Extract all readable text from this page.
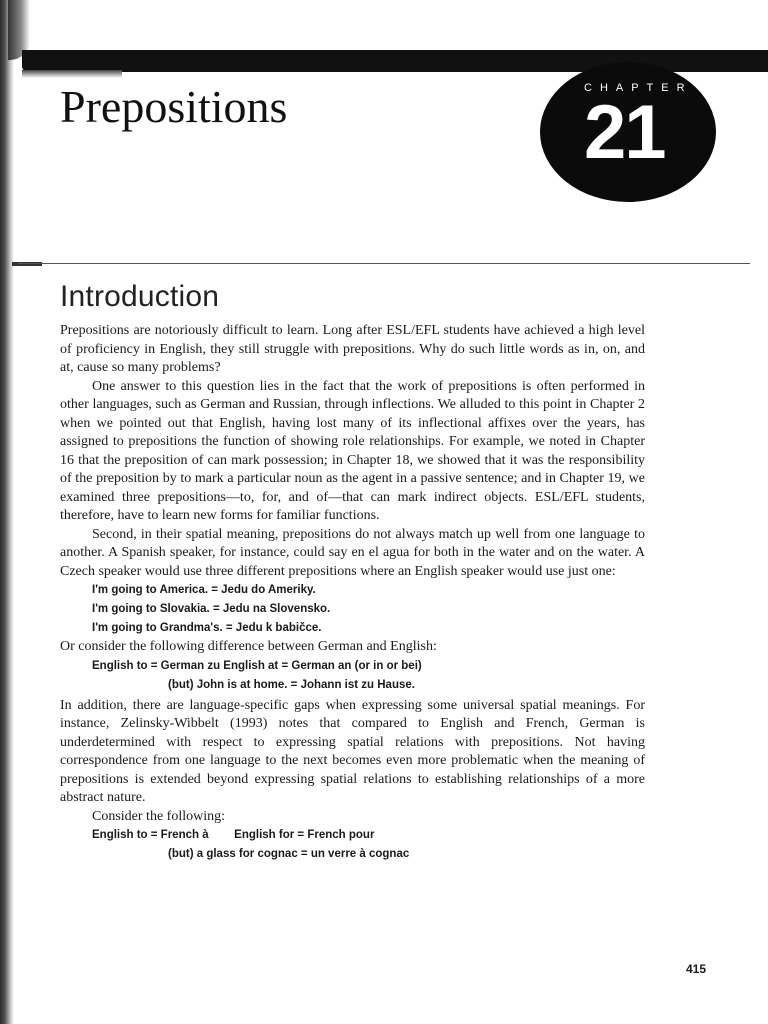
CHAPTER
21
Prepositions
Introduction

Prepositions are notoriously difficult to learn. Long after ESL/EFL students have achieved a high level of proficiency in English, they still struggle with prepositions. Why do such little words as in, on, and at, cause so many problems?

One answer to this question lies in the fact that the work of prepositions is often performed in other languages, such as German and Russian, through inflections. We alluded to this point in Chapter 2 when we pointed out that English, having lost many of its inflectional affixes over the years, has assigned to prepositions the function of showing role relationships. For example, we noted in Chapter 16 that the preposition of can mark possession; in Chapter 18, we showed that it was the responsibility of the preposition by to mark a particular noun as the agent in a passive sentence; and in Chapter 19, we examined three prepositions—to, for, and of—that can mark indirect objects. ESL/EFL students, therefore, have to learn new forms for familiar functions.

Second, in their spatial meaning, prepositions do not always match up well from one language to another. A Spanish speaker, for instance, could say en el agua for both in the water and on the water. A Czech speaker would use three different prepositions where an English speaker would use just one:

I'm going to America. = Jedu do Ameriky.
I'm going to Slovakia. = Jedu na Slovensko.
I'm going to Grandma's. = Jedu k babičce.

Or consider the following difference between German and English:

English to = German zu English at = German an (or in or bei)
(but) John is at home. = Johann ist zu Hause.

In addition, there are language-specific gaps when expressing some universal spatial meanings. For instance, Zelinsky-Wibbelt (1993) notes that compared to English and French, German is underdetermined with respect to expressing spatial relations with prepositions. Not having correspondence from one language to the next becomes even more problematic when the meaning of prepositions is extended beyond expressing spatial relations to establishing relationships of a more abstract nature.

Consider the following:

English to = French à        English for = French pour
(but) a glass for cognac = un verre à cognac
415
